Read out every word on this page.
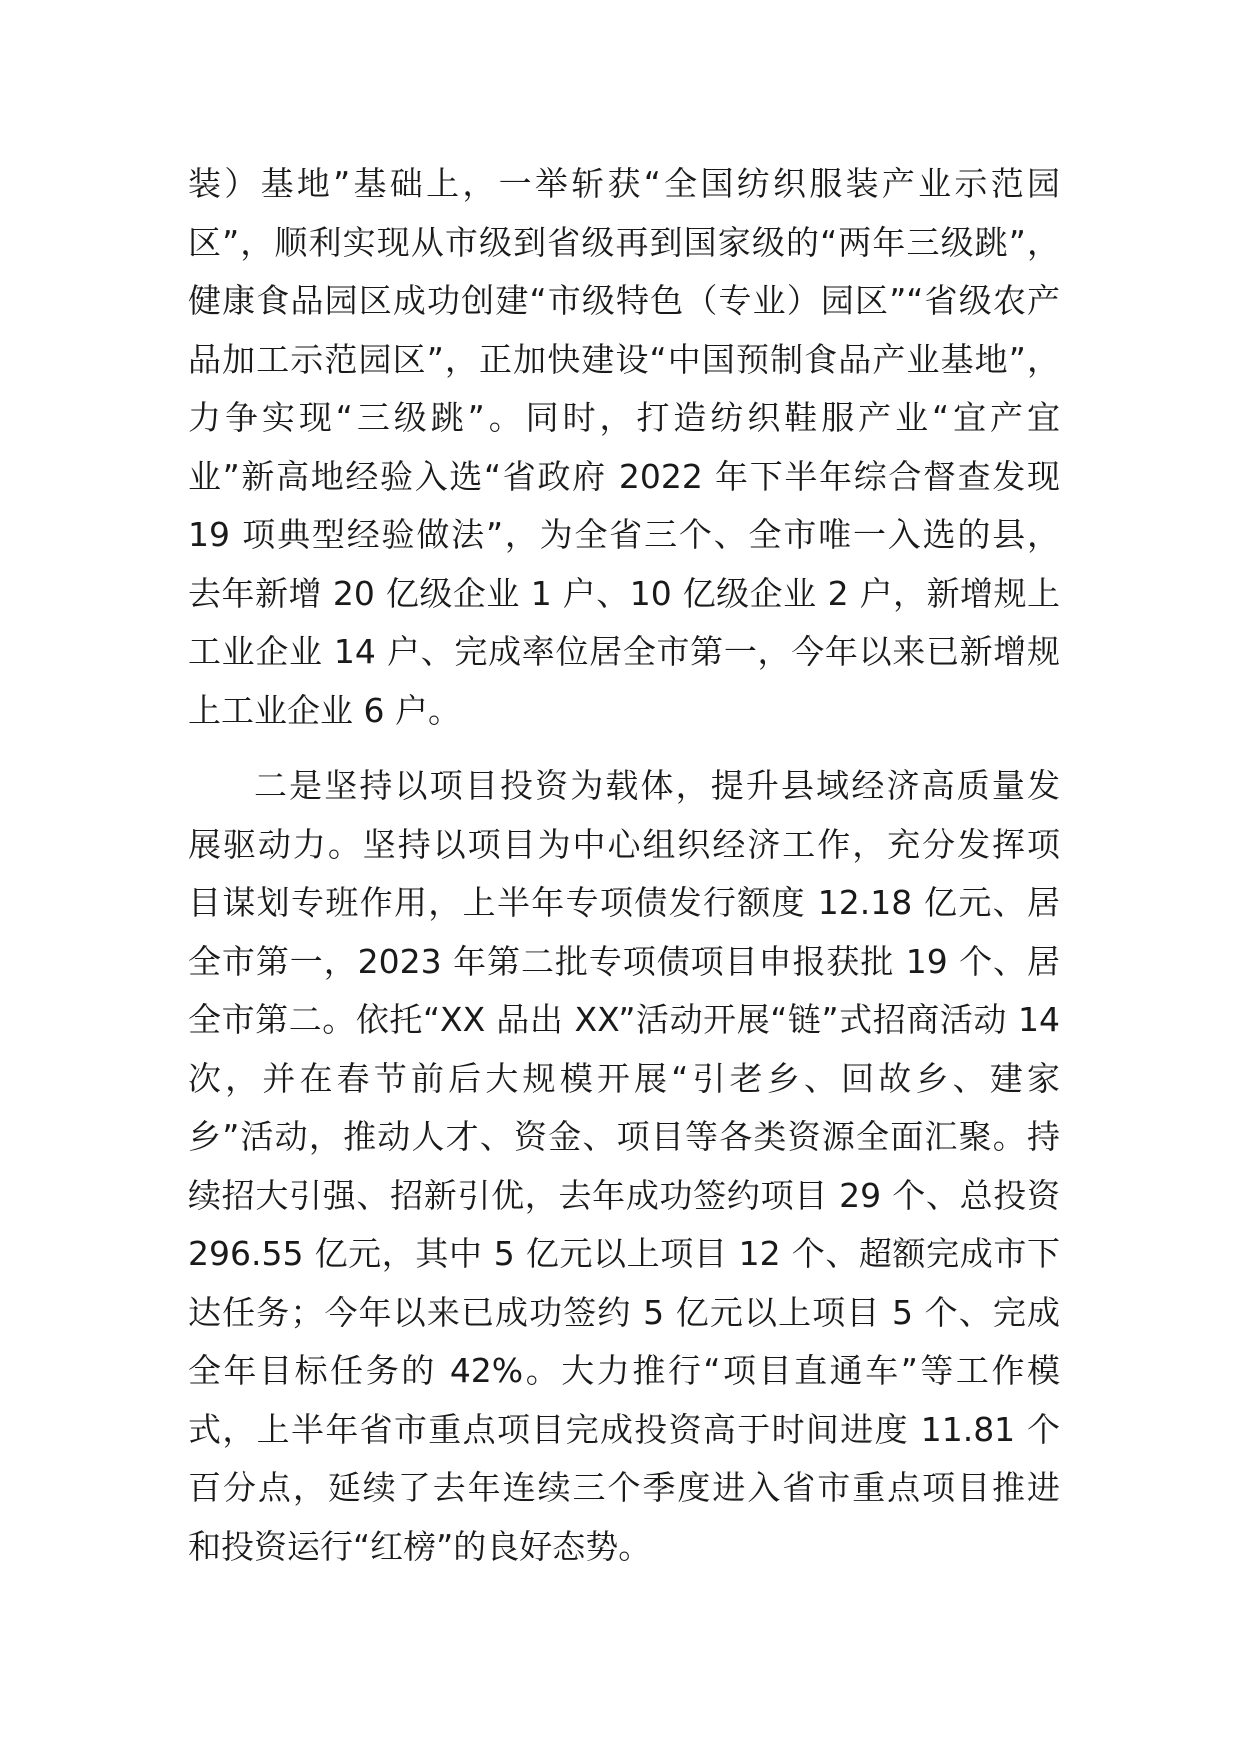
装）基地”基础上，一举斩获“全国纺织服装产业示范园
区”，顺利实现从市级到省级再到国家级的“两年三级跳”，
健康食品园区成功创建“市级特色（专业）园区”“省级农产
品加工示范园区”，正加快建设“中国预制食品产业基地”，
力争实现“三级跳”。同时，打造纺织鞋服产业“宜产宜
业”新高地经验入选“省政府 2022 年下半年综合督查发现
19 项典型经验做法”，为全省三个、全市唯一入选的县，
去年新增 20 亿级企业 1 户、10 亿级企业 2 户，新增规上
工业企业 14 户、完成率位居全市第一，今年以来已新增规
上工业企业 6 户。
二是坚持以项目投资为载体，提升县域经济高质量发
展驱动力。坚持以项目为中心组织经济工作，充分发挥项
目谋划专班作用，上半年专项债发行额度 12.18 亿元、居
全市第一，2023 年第二批专项债项目申报获批 19 个、居
全市第二。依托“XX 品出 XX”活动开展“链”式招商活动 14
次，并在春节前后大规模开展“引老乡、回故乡、建家
乡”活动，推动人才、资金、项目等各类资源全面汇聚。持
续招大引强、招新引优，去年成功签约项目 29 个、总投资
296.55 亿元，其中 5 亿元以上项目 12 个、超额完成市下
达任务；今年以来已成功签约 5 亿元以上项目 5 个、完成
全年目标任务的 42%。大力推行“项目直通车”等工作模
式，上半年省市重点项目完成投资高于时间进度 11.81 个
百分点，延续了去年连续三个季度进入省市重点项目推进
和投资运行“红榜”的良好态势。
